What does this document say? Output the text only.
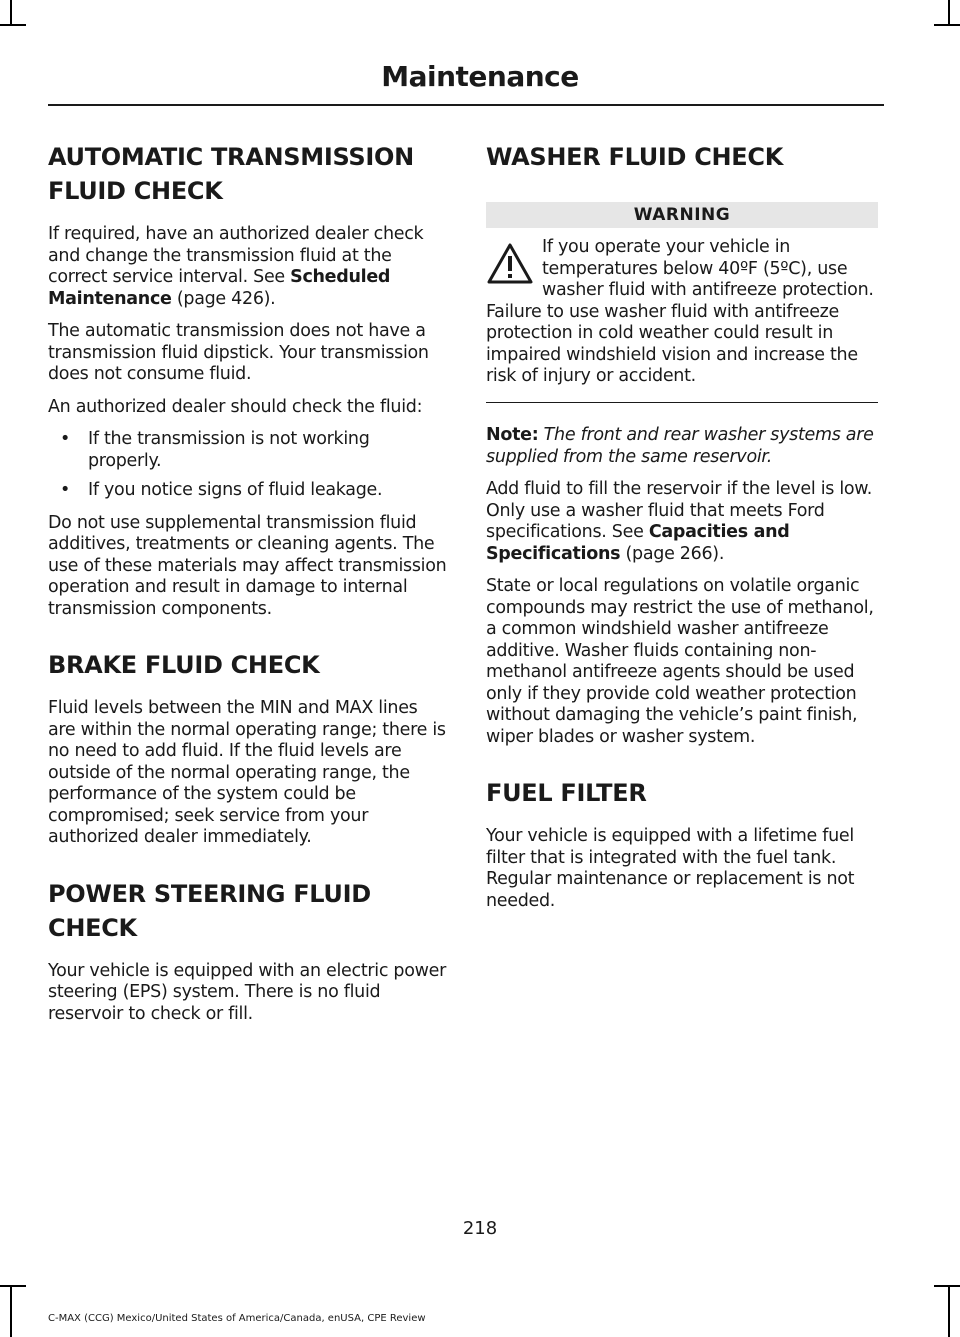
Maintenance
AUTOMATIC TRANSMISSION
FLUID CHECK

If required, have an authorized dealer check and change the transmission fluid at the correct service interval. See Scheduled Maintenance (page 426).

The automatic transmission does not have a transmission fluid dipstick. Your transmission does not consume fluid.

An authorized dealer should check the fluid:

• If the transmission is not working properly.
• If you notice signs of fluid leakage.

Do not use supplemental transmission fluid additives, treatments or cleaning agents. The use of these materials may affect transmission operation and result in damage to internal transmission components.

BRAKE FLUID CHECK

Fluid levels between the MIN and MAX lines are within the normal operating range; there is no need to add fluid. If the fluid levels are outside of the normal operating range, the performance of the system could be compromised; seek service from your authorized dealer immediately.

POWER STEERING FLUID
CHECK

Your vehicle is equipped with an electric power steering (EPS) system. There is no fluid reservoir to check or fill.

WASHER FLUID CHECK
WARNING
If you operate your vehicle in temperatures below 40ºF (5ºC), use washer fluid with antifreeze protection. Failure to use washer fluid with antifreeze protection in cold weather could result in impaired windshield vision and increase the risk of injury or accident.

Note: The front and rear washer systems are supplied from the same reservoir.

Add fluid to fill the reservoir if the level is low. Only use a washer fluid that meets Ford specifications. See Capacities and Specifications (page 266).

State or local regulations on volatile organic compounds may restrict the use of methanol, a common windshield washer antifreeze additive. Washer fluids containing non-methanol antifreeze agents should be used only if they provide cold weather protection without damaging the vehicle’s paint finish, wiper blades or washer system.

FUEL FILTER

Your vehicle is equipped with a lifetime fuel filter that is integrated with the fuel tank. Regular maintenance or replacement is not needed.

218
C-MAX (CCG) Mexico/United States of America/Canada, enUSA, CPE Review
